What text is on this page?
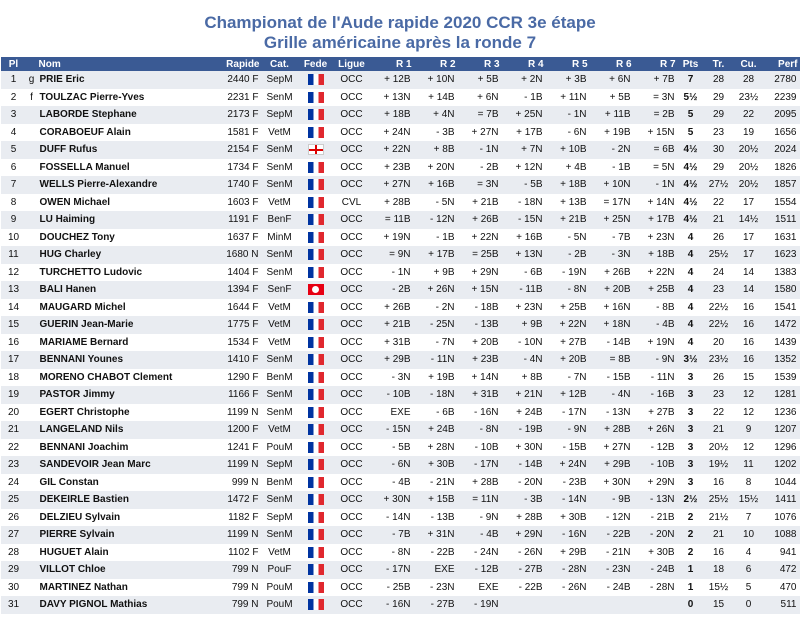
Championat de l'Aude rapide 2020 CCR 3e étape
Grille américaine après la ronde 7
Pl		Nom	Rapide	Cat.	Fede	Ligue	R 1	R 2	R 3	R 4	R 5	R 6	R 7	Pts	Tr.	Cu.	Perf
1	g	PRIE Eric	2440 F	SepM		OCC	+ 12B	+ 10N	+ 5B	+ 2N	+ 3B	+ 6N	+ 7B	7	28	28	2780
2	f	TOULZAC Pierre-Yves	2231 F	SenM		OCC	+ 13N	+ 14B	+ 6N	- 1B	+ 11N	+ 5B	= 3N	5½	29	23½	2239
3		LABORDE Stephane	2173 F	SepM		OCC	+ 18B	+ 4N	= 7B	+ 25N	- 1N	+ 11B	= 2B	5	29	22	2095
4		CORABOEUF Alain	1581 F	VetM		OCC	+ 24N	- 3B	+ 27N	+ 17B	- 6N	+ 19B	+ 15N	5	23	19	1656
5		DUFF Rufus	2154 F	SenM		OCC	+ 22N	+ 8B	- 1N	+ 7N	+ 10B	- 2N	= 6B	4½	30	20½	2024
6		FOSSELLA Manuel	1734 F	SenM		OCC	+ 23B	+ 20N	- 2B	+ 12N	+ 4B	- 1B	= 5N	4½	29	20½	1826
7		WELLS Pierre-Alexandre	1740 F	SenM		OCC	+ 27N	+ 16B	= 3N	- 5B	+ 18B	+ 10N	- 1N	4½	27½	20½	1857
8		OWEN Michael	1603 F	VetM		CVL	+ 28B	- 5N	+ 21B	- 18N	+ 13B	= 17N	+ 14N	4½	22	17	1554
9		LU Haiming	1191 F	BenF		OCC	= 11B	- 12N	+ 26B	- 15N	+ 21B	+ 25N	+ 17B	4½	21	14½	1511
10		DOUCHEZ Tony	1637 F	MinM		OCC	+ 19N	- 1B	+ 22N	+ 16B	- 5N	- 7B	+ 23N	4	26	17	1631
11		HUG Charley	1680 N	SenM		OCC	= 9N	+ 17B	= 25B	+ 13N	- 2B	- 3N	+ 18B	4	25½	17	1623
12		TURCHETTO Ludovic	1404 F	SenM		OCC	- 1N	+ 9B	+ 29N	- 6B	- 19N	+ 26B	+ 22N	4	24	14	1383
13		BALI Hanen	1394 F	SenF		OCC	- 2B	+ 26N	+ 15N	- 11B	- 8N	+ 20B	+ 25B	4	23	14	1580
14		MAUGARD Michel	1644 F	VetM		OCC	+ 26B	- 2N	- 18B	+ 23N	+ 25B	+ 16N	- 8B	4	22½	16	1541
15		GUERIN Jean-Marie	1775 F	VetM		OCC	+ 21B	- 25N	- 13B	+ 9B	+ 22N	+ 18N	- 4B	4	22½	16	1472
16		MARIAME Bernard	1534 F	VetM		OCC	+ 31B	- 7N	+ 20B	- 10N	+ 27B	- 14B	+ 19N	4	20	16	1439
17		BENNANI Younes	1410 F	SenM		OCC	+ 29B	- 11N	+ 23B	- 4N	+ 20B	= 8B	- 9N	3½	23½	16	1352
18		MORENO CHABOT Clement	1290 F	BenM		OCC	- 3N	+ 19B	+ 14N	+ 8B	- 7N	- 15B	- 11N	3	26	15	1539
19		PASTOR Jimmy	1166 F	SenM		OCC	- 10B	- 18N	+ 31B	+ 21N	+ 12B	- 4N	- 16B	3	23	12	1281
20		EGERT Christophe	1199 N	SenM		OCC	EXE	- 6B	- 16N	+ 24B	- 17N	- 13N	+ 27B	3	22	12	1236
21		LANGELAND Nils	1200 F	VetM		OCC	- 15N	+ 24B	- 8N	- 19B	- 9N	+ 28B	+ 26N	3	21	9	1207
22		BENNANI Joachim	1241 F	PouM		OCC	- 5B	+ 28N	- 10B	+ 30N	- 15B	+ 27N	- 12B	3	20½	12	1296
23		SANDEVOIR Jean Marc	1199 N	SepM		OCC	- 6N	+ 30B	- 17N	- 14B	+ 24N	+ 29B	- 10B	3	19½	11	1202
24		GIL Constan	999 N	BenM		OCC	- 4B	- 21N	+ 28B	- 20N	- 23B	+ 30N	+ 29N	3	16	8	1044
25		DEKEIRLE Bastien	1472 F	SenM		OCC	+ 30N	+ 15B	= 11N	- 3B	- 14N	- 9B	- 13N	2½	25½	15½	1411
26		DELZIEU Sylvain	1182 F	SepM		OCC	- 14N	- 13B	- 9N	+ 28B	+ 30B	- 12N	- 21B	2	21½	7	1076
27		PIERRE Sylvain	1199 N	SenM		OCC	- 7B	+ 31N	- 4B	+ 29N	- 16N	- 22B	- 20N	2	21	10	1088
28		HUGUET Alain	1102 F	VetM		OCC	- 8N	- 22B	- 24N	- 26N	+ 29B	- 21N	+ 30B	2	16	4	941
29		VILLOT Chloe	799 N	PouF		OCC	- 17N	EXE	- 12B	- 27B	- 28N	- 23N	- 24B	1	18	6	472
30		MARTINEZ Nathan	799 N	PouM		OCC	- 25B	- 23N	EXE	- 22B	- 26N	- 24B	- 28N	1	15½	5	470
31		DAVY PIGNOL Mathias	799 N	PouM		OCC	- 16N	- 27B	- 19N					0	15	0	511
